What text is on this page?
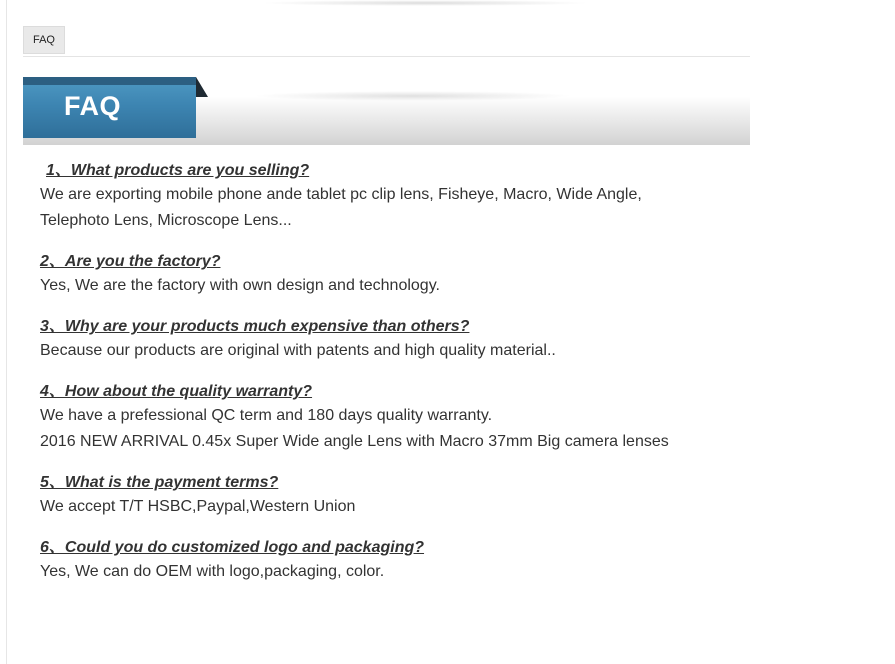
FAQ
FAQ
1、What products are you selling?
We are exporting mobile phone ande tablet pc clip lens, Fisheye, Macro, Wide Angle,
Telephoto Lens, Microscope Lens...
2、Are you the factory?
Yes, We are the factory with own design and technology.
3、Why are your products much expensive than others?
Because our products are original with patents and high quality material..
4、How about the quality warranty?
We have a prefessional QC term and 180 days quality warranty.
2016 NEW ARRIVAL 0.45x Super Wide angle Lens with Macro 37mm Big camera lenses
5、What is the payment terms?
We accept T/T HSBC,Paypal,Western Union
6、Could you do customized logo and packaging?
Yes, We can do OEM with logo,packaging, color.
